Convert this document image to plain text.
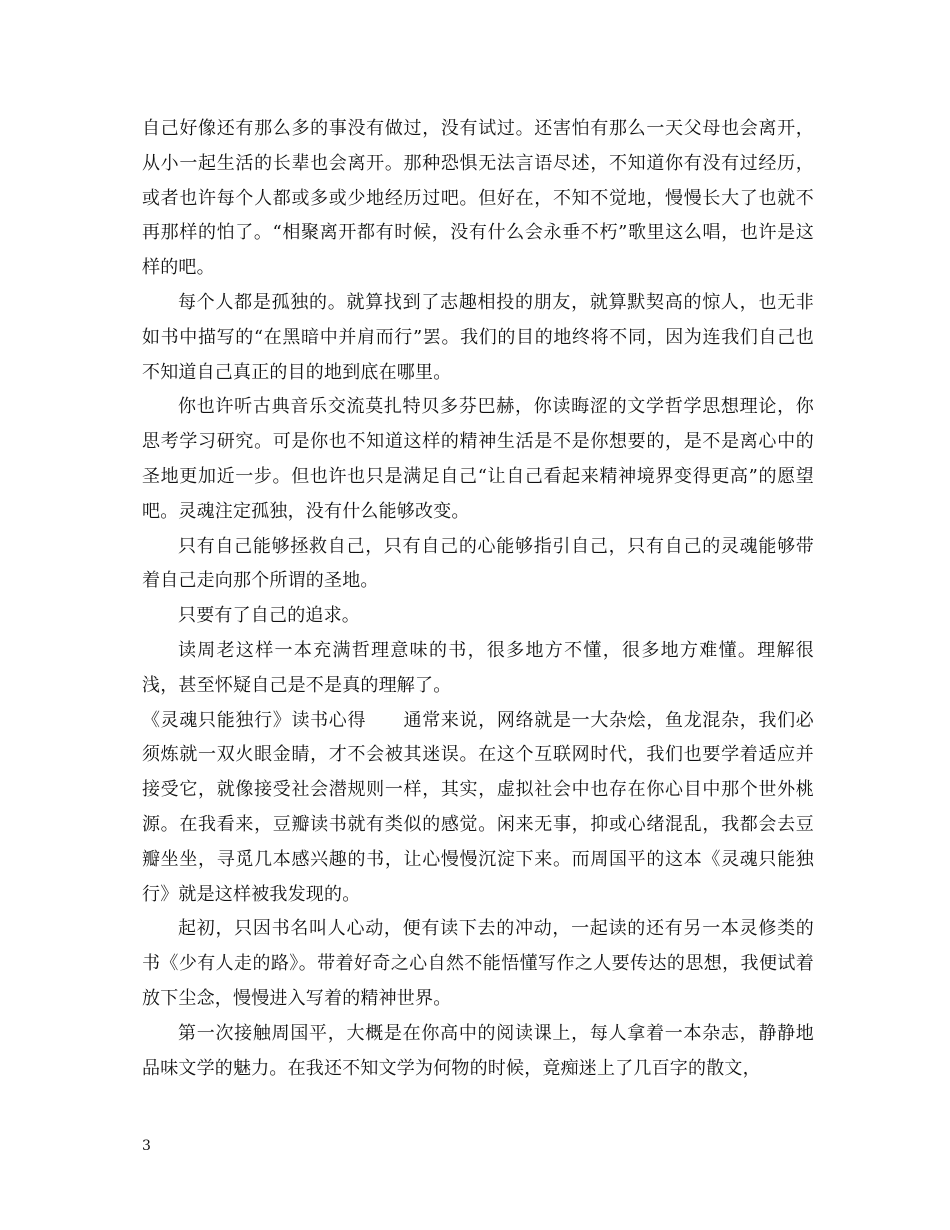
自己好像还有那么多的事没有做过，没有试过。还害怕有那么一天父母也会离开，从小一起生活的长辈也会离开。那种恐惧无法言语尽述，不知道你有没有过经历，或者也许每个人都或多或少地经历过吧。但好在，不知不觉地，慢慢长大了也就不再那样的怕了。“相聚离开都有时候，没有什么会永垂不朽”歌里这么唱，也许是这样的吧。

每个人都是孤独的。就算找到了志趣相投的朋友，就算默契高的惊人，也无非如书中描写的“在黑暗中并肩而行”罢。我们的目的地终将不同，因为连我们自己也不知道自己真正的目的地到底在哪里。

你也许听古典音乐交流莫扎特贝多芬巴赫，你读晦涩的文学哲学思想理论，你思考学习研究。可是你也不知道这样的精神生活是不是你想要的，是不是离心中的圣地更加近一步。但也许也只是满足自己“让自己看起来精神境界变得更高”的愿望吧。灵魂注定孤独，没有什么能够改变。

只有自己能够拯救自己，只有自己的心能够指引自己，只有自己的灵魂能够带着自己走向那个所谓的圣地。

只要有了自己的追求。

读周老这样一本充满哲理意味的书，很多地方不懂，很多地方难懂。理解很浅，甚至怀疑自己是不是真的理解了。

《灵魂只能独行》读书心得　　通常来说，网络就是一大杂烩，鱼龙混杂，我们必须炼就一双火眼金睛，才不会被其迷误。在这个互联网时代，我们也要学着适应并接受它，就像接受社会潜规则一样，其实，虚拟社会中也存在你心目中那个世外桃源。在我看来，豆瓣读书就有类似的感觉。闲来无事，抑或心绪混乱，我都会去豆瓣坐坐，寻觅几本感兴趣的书，让心慢慢沉淀下来。而周国平的这本《灵魂只能独行》就是这样被我发现的。

起初，只因书名叫人心动，便有读下去的冲动，一起读的还有另一本灵修类的书《少有人走的路》。带着好奇之心自然不能悟懂写作之人要传达的思想，我便试着放下尘念，慢慢进入写着的精神世界。

第一次接触周国平，大概是在你高中的阅读课上，每人拿着一本杂志，静静地品味文学的魅力。在我还不知文学为何物的时候，竟痴迷上了几百字的散文，

3
